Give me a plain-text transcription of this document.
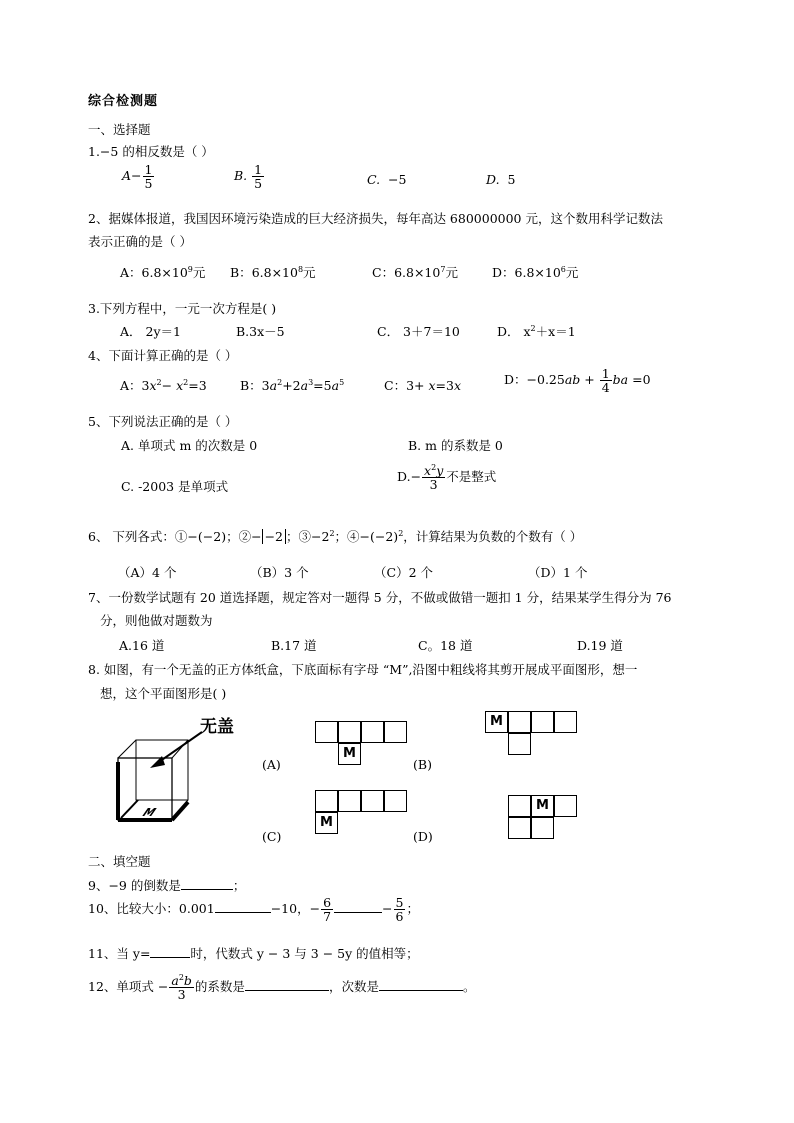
综合检测题
一、选择题
1.−5 的相反数是（ ）
$A- \frac{1}{5}$	B. $\frac{1}{5}$	C. −5	D. 5
2、据媒体报道，我国因环境污染造成的巨大经济损失，每年高达 680000000 元，这个数用科学记数法
表示正确的是（ ）
A：$6.8\times 10^9$元 B：$6.8\times 10^8$元	C：$6.8\times 10^7$元	D：$6.8\times 10^6$元
3.下列方程中，一元一次方程是( )
A． 2y＝1	B.3x－5	C． 3＋7＝10	D． $x^2+x=1$
4、下面计算正确的是（ ）
A：$3x^2- x^2=3$	B：$3a^2+2a^3=5a^5$	C：3+ x=3x	D：$-0.25ab + \frac{1}{4}$ ba =0
5、下列说法正确的是（ ）
A. 单项式 m 的次数是 0	B. m 的系数是 0
C. -2003 是单项式
$D.- \frac{x^2y}{3}$ 不是整式
6、 下列各式：①−(−2)；②− −2 ；$③-2^2$；$④-(-2)^2$，计算结果为负数的个数有（ ）
（A）4 个	（B）3 个	（C）2 个	（D）1 个
7、一份数学试题有 20 道选择题，规定答对一题得 5 分，不做或做错一题扣 1 分，结果某学生得分为 76
分，则他做对题数为
A.16 道	B.17 道	C。18 道	D.19 道
8. 如图，有一个无盖的正方体纸盒，下底面标有字母 “M”,沿图中粗线将其剪开展成平面图形，想一
想，这个平面图形是( )
无盖
M
M
(A)
M
(B)
M
(C)
M
(D)
二、填空题
9、−9 的倒数是	；
10、比较大小：0.001	−10，− $\frac{6}{7}$	− $\frac{5}{6}$ ；
11、当 y=	时，代数式 y − 3 与 3 − 5y 的值相等；
12、单项式 − $\frac{a^2b}{3}$ 的系数是	，次数是	。
